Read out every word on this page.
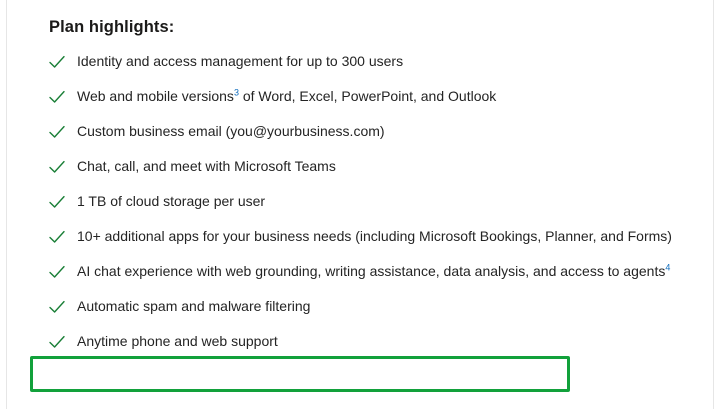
Plan highlights:
Identity and access management for up to 300 users
Web and mobile versions$^3$ of Word, Excel, PowerPoint, and Outlook
Custom business email (you@yourbusiness.com)
Chat, call, and meet with Microsoft Teams
1 TB of cloud storage per user
10+ additional apps for your business needs (including Microsoft Bookings, Planner, and Forms)
AI chat experience with web grounding, writing assistance, data analysis, and access to agents$^4$
Automatic spam and malware filtering
Anytime phone and web support
